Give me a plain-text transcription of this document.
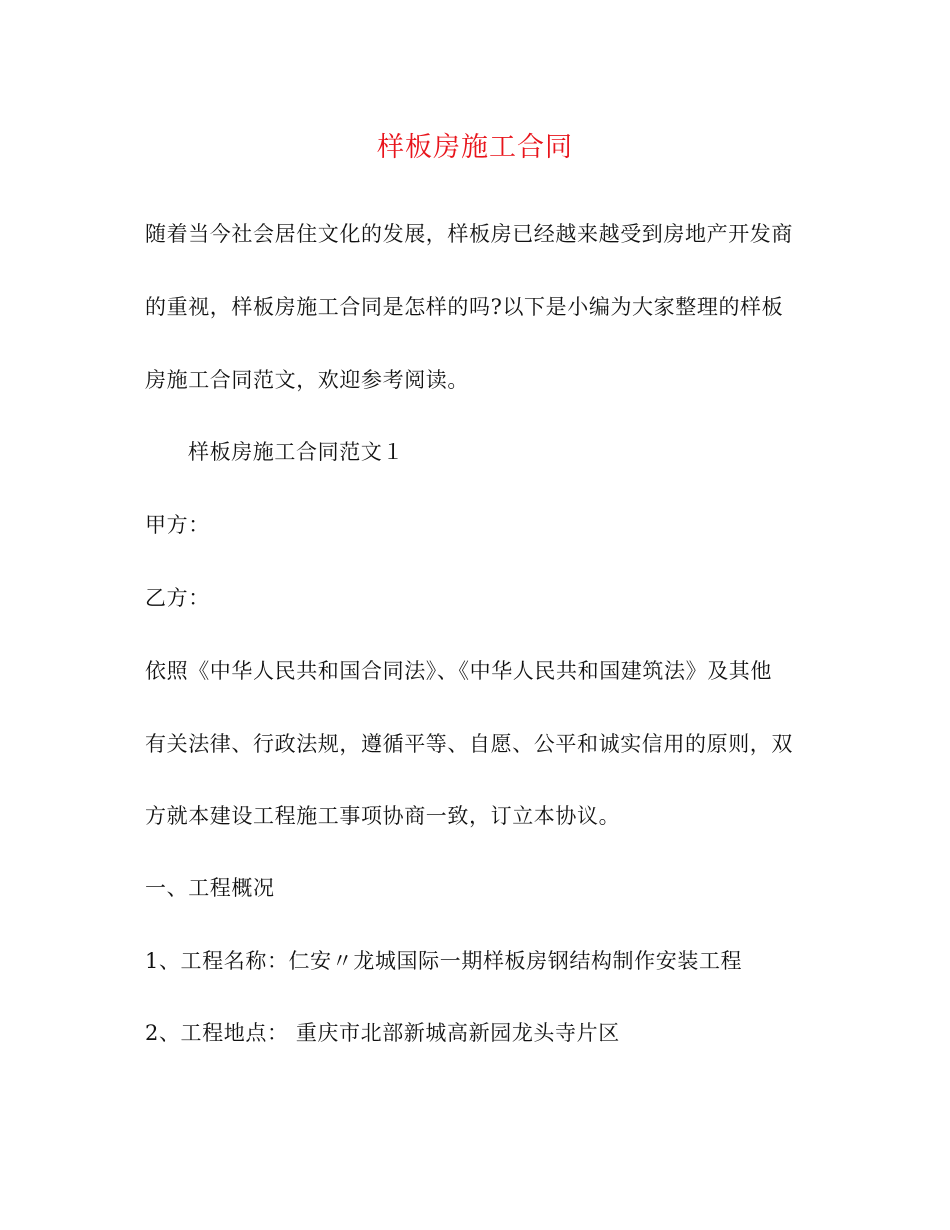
样板房施工合同
随着当今社会居住文化的发展，样板房已经越来越受到房地产开发商
的重视，样板房施工合同是怎样的吗?以下是小编为大家整理的样板
房施工合同范文，欢迎参考阅读。
样板房施工合同范文１
甲方：
乙方：
依照《中华人民共和国合同法》、《中华人民共和国建筑法》及其他
有关法律、行政法规，遵循平等、自愿、公平和诚实信用的原则，双
方就本建设工程施工事项协商一致，订立本协议。
一、工程概况
1、工程名称：仁安〃龙城国际一期样板房钢结构制作安装工程
2、工程地点： 重庆市北部新城高新园龙头寺片区
